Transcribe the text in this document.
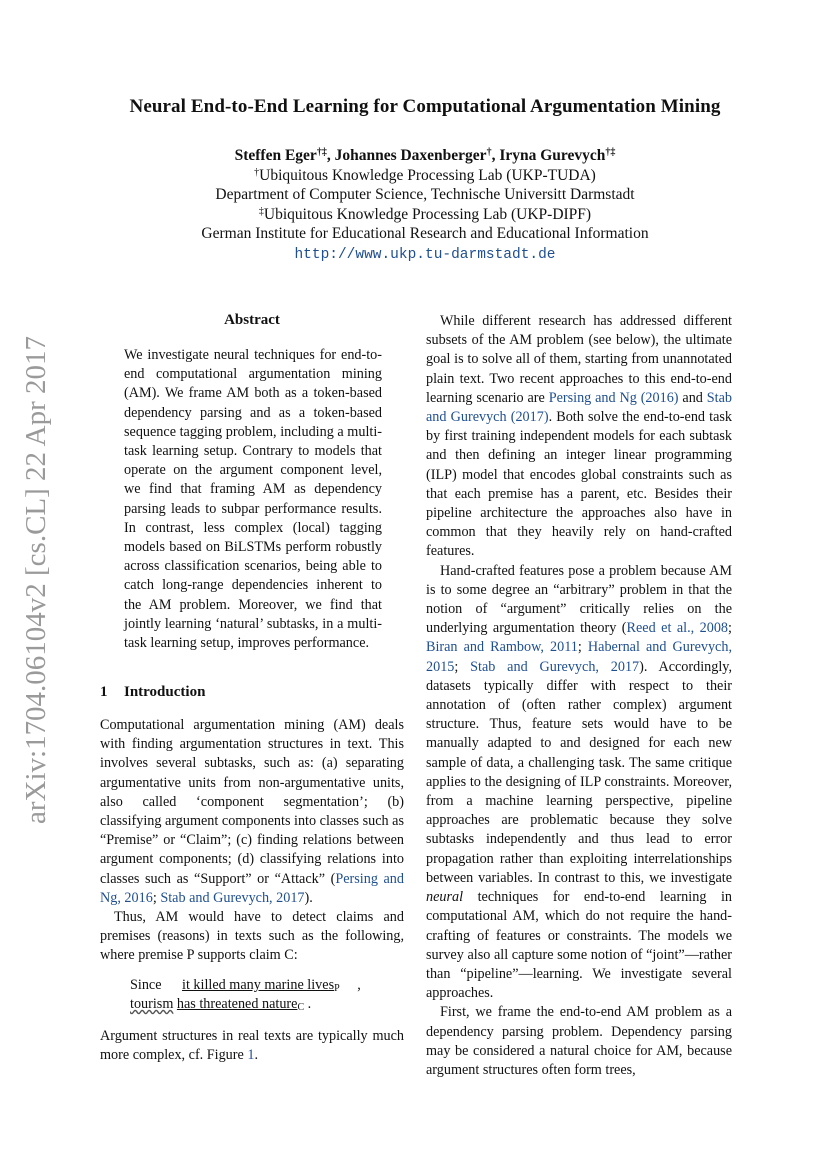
arXiv:1704.06104v2 [cs.CL] 22 Apr 2017
Neural End-to-End Learning for Computational Argumentation Mining
Steffen Eger†‡, Johannes Daxenberger†, Iryna Gurevych†‡
†Ubiquitous Knowledge Processing Lab (UKP-TUDA)
Department of Computer Science, Technische Universitt Darmstadt
‡Ubiquitous Knowledge Processing Lab (UKP-DIPF)
German Institute for Educational Research and Educational Information
http://www.ukp.tu-darmstadt.de
Abstract
We investigate neural techniques for end-to-end computational argumentation mining (AM). We frame AM both as a token-based dependency parsing and as a token-based sequence tagging problem, including a multi-task learning setup. Contrary to models that operate on the argument component level, we find that framing AM as dependency parsing leads to subpar performance results. In contrast, less complex (local) tagging models based on BiLSTMs perform robustly across classification scenarios, being able to catch long-range dependencies inherent to the AM problem. Moreover, we find that jointly learning ‘natural’ subtasks, in a multi-task learning setup, improves performance.
1 Introduction

Computational argumentation mining (AM) deals with finding argumentation structures in text. This involves several subtasks, such as: (a) separating argumentative units from non-argumentative units, also called ‘component segmentation’; (b) classifying argument components into classes such as “Premise” or “Claim”; (c) finding relations between argument components; (d) classifying relations into classes such as “Support” or “Attack” (Persing and Ng, 2016; Stab and Gurevych, 2017).

Thus, AM would have to detect claims and premises (reasons) in texts such as the following, where premise P supports claim C:

Since it killed many marine lives$_P$ ,
tourism has threatened nature$_C$ .

Argument structures in real texts are typically much more complex, cf. Figure 1.

While different research has addressed different subsets of the AM problem (see below), the ultimate goal is to solve all of them, starting from unannotated plain text. Two recent approaches to this end-to-end learning scenario are Persing and Ng (2016) and Stab and Gurevych (2017). Both solve the end-to-end task by first training independent models for each subtask and then defining an integer linear programming (ILP) model that encodes global constraints such as that each premise has a parent, etc. Besides their pipeline architecture the approaches also have in common that they heavily rely on hand-crafted features.

Hand-crafted features pose a problem because AM is to some degree an “arbitrary” problem in that the notion of “argument” critically relies on the underlying argumentation theory (Reed et al., 2008; Biran and Rambow, 2011; Habernal and Gurevych, 2015; Stab and Gurevych, 2017). Accordingly, datasets typically differ with respect to their annotation of (often rather complex) argument structure. Thus, feature sets would have to be manually adapted to and designed for each new sample of data, a challenging task. The same critique applies to the designing of ILP constraints. Moreover, from a machine learning perspective, pipeline approaches are problematic because they solve subtasks independently and thus lead to error propagation rather than exploiting interrelationships between variables. In contrast to this, we investigate neural techniques for end-to-end learning in computational AM, which do not require the hand-crafting of features or constraints. The models we survey also all capture some notion of “joint”—rather than “pipeline”—learning. We investigate several approaches.

First, we frame the end-to-end AM problem as a dependency parsing problem. Dependency parsing may be considered a natural choice for AM, because argument structures often form trees,
